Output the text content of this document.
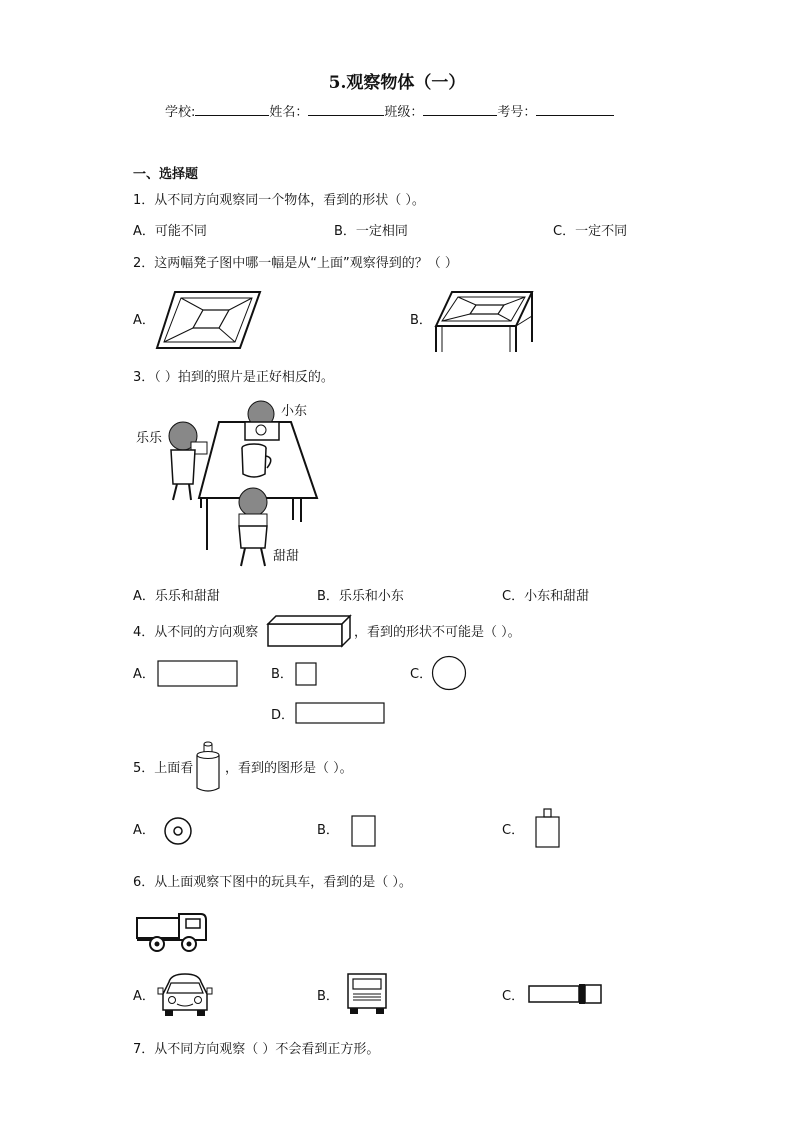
5.观察物体（一）
学校:	姓名：	班级：	考号：
一、选择题
1．从不同方向观察同一个物体，看到的形状（ ）。
A．可能不同	B．一定相同	C．一定不同
2．这两幅凳子图中哪一幅是从“上面”观察得到的？（ ）
A．	B．
3．（ ）拍到的照片是正好相反的。
乐乐
小东
甜甜
A．乐乐和甜甜	B．乐乐和小东	C．小东和甜甜
4．从不同的方向观察	，看到的形状不可能是（ ）。
A．	B．	C．
D．
5．上面看 ，看到的图形是（ ）。
A．	B．	C．
6．从上面观察下图中的玩具车，看到的是（ ）。
A．	B．	C．
7．从不同方向观察（ ）不会看到正方形。
